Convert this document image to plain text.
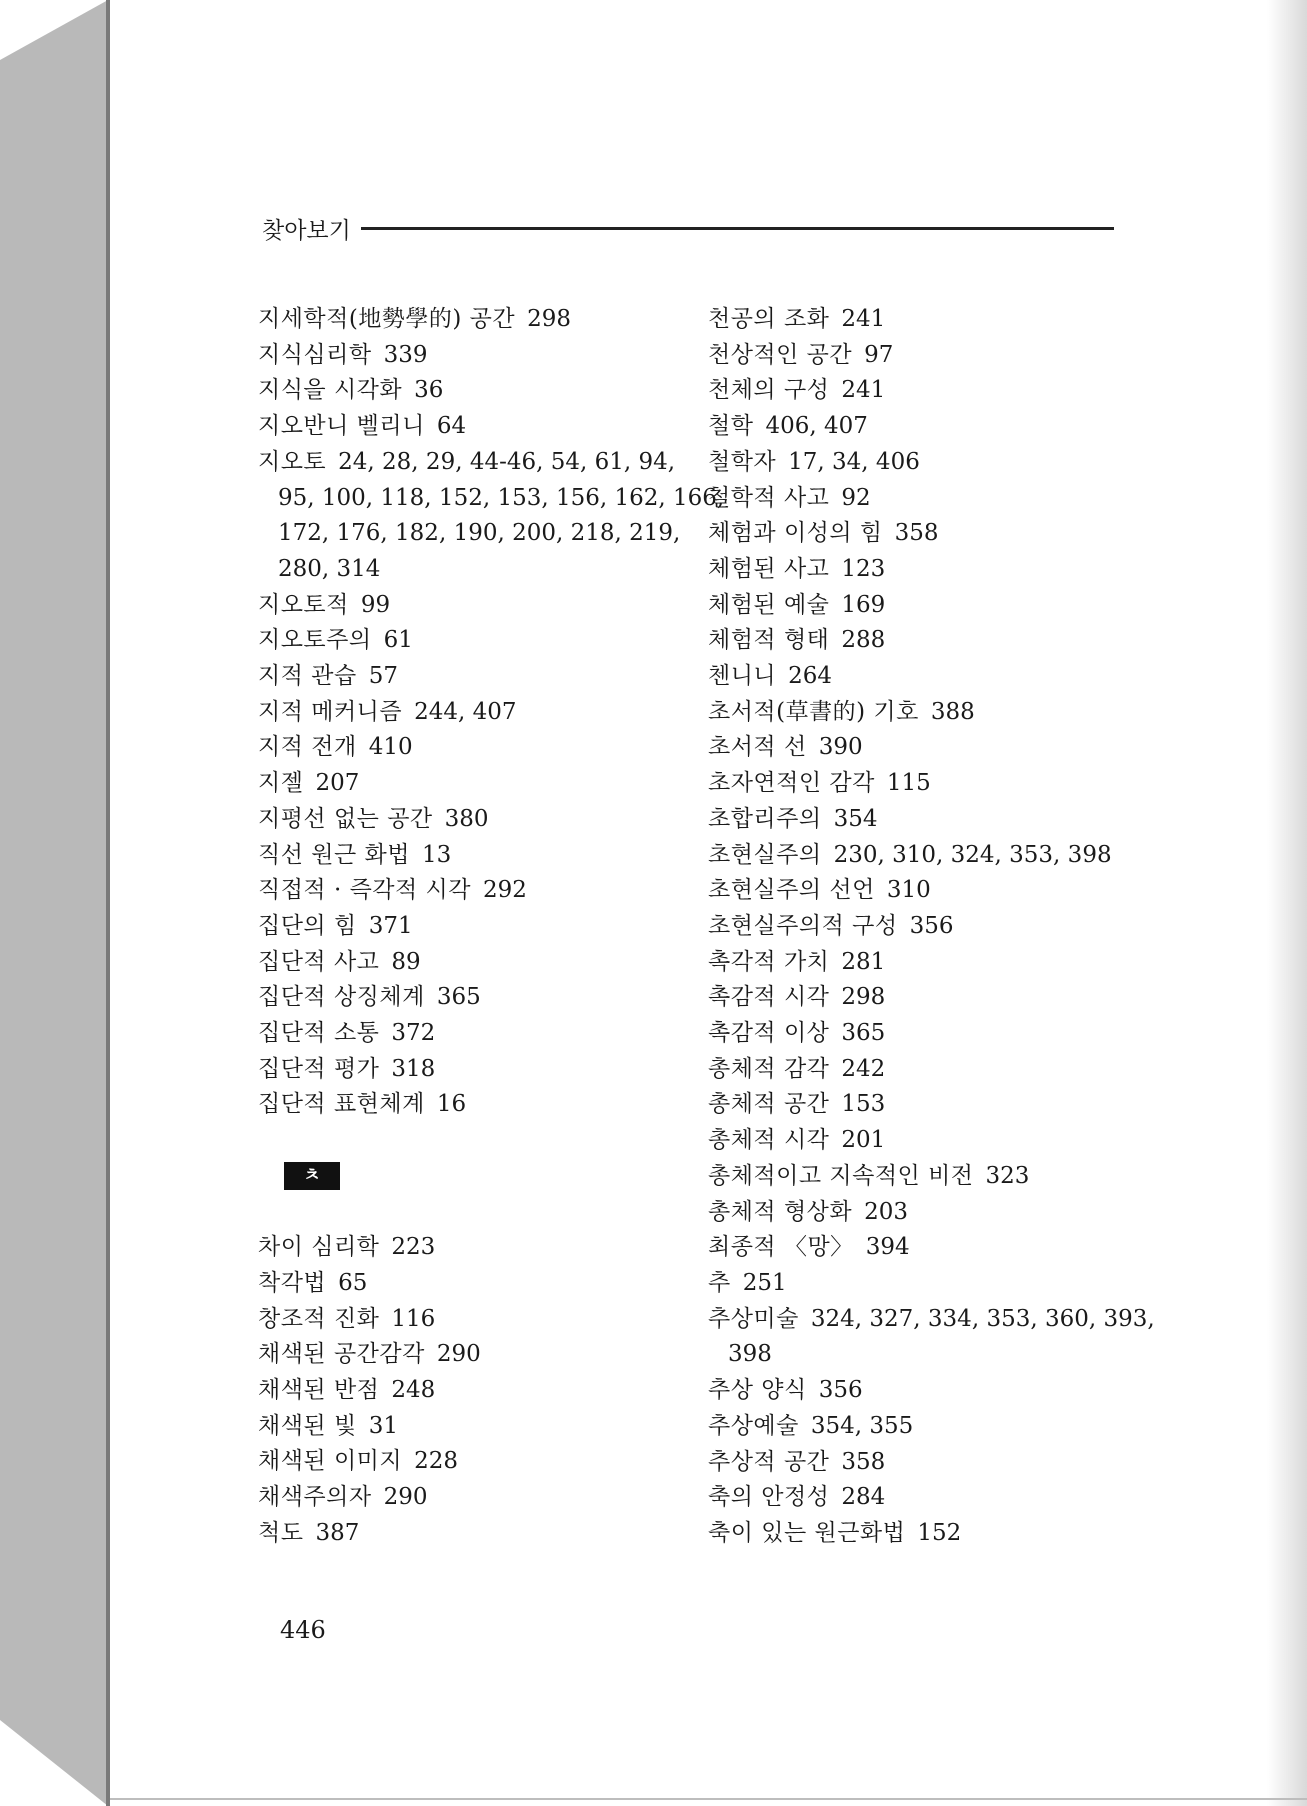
찾아보기
지세학적(地勢學的) 공간 298
지식심리학 339
지식을 시각화 36
지오반니 벨리니 64
지오토 24, 28, 29, 44-46, 54, 61, 94,
95, 100, 118, 152, 153, 156, 162, 166,
172, 176, 182, 190, 200, 218, 219,
280, 314
지오토적 99
지오토주의 61
지적 관습 57
지적 메커니즘 244, 407
지적 전개 410
지젤 207
지평선 없는 공간 380
직선 원근 화법 13
직접적 · 즉각적 시각 292
집단의 힘 371
집단적 사고 89
집단적 상징체계 365
집단적 소통 372
집단적 평가 318
집단적 표현체계 16
ㅊ
차이 심리학 223
착각법 65
창조적 진화 116
채색된 공간감각 290
채색된 반점 248
채색된 빛 31
채색된 이미지 228
채색주의자 290
척도 387
천공의 조화 241
천상적인 공간 97
천체의 구성 241
철학 406, 407
철학자 17, 34, 406
철학적 사고 92
체험과 이성의 힘 358
체험된 사고 123
체험된 예술 169
체험적 형태 288
첸니니 264
초서적(草書的) 기호 388
초서적 선 390
초자연적인 감각 115
초합리주의 354
초현실주의 230, 310, 324, 353, 398
초현실주의 선언 310
초현실주의적 구성 356
촉각적 가치 281
촉감적 시각 298
촉감적 이상 365
총체적 감각 242
총체적 공간 153
총체적 시각 201
총체적이고 지속적인 비전 323
총체적 형상화 203
최종적 〈망〉 394
추 251
추상미술 324, 327, 334, 353, 360, 393,
398
추상 양식 356
추상예술 354, 355
추상적 공간 358
축의 안정성 284
축이 있는 원근화법 152
446
